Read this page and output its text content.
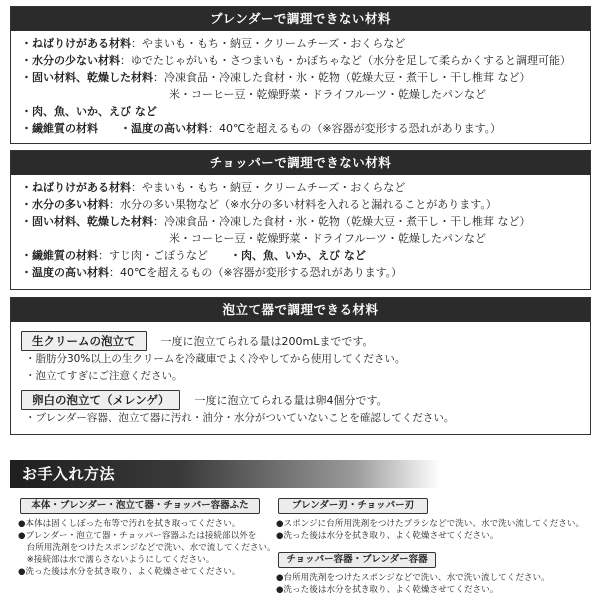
ブレンダーで調理できない材料
・ねばりけがある材料：やまいも・もち・納豆・クリームチーズ・おくらなど
・水分の少ない材料：ゆでたじゃがいも・さつまいも・かぼちゃなど（水分を足して柔らかくすると調理可能）
・固い材料、乾燥した材料：冷凍食品・冷凍した食材・氷・乾物（乾燥大豆・煮干し・干し椎茸 など）
米・コーヒー豆・乾燥野菜・ドライフルーツ・乾燥したパンなど
・肉、魚、いか、えび など
・繊維質の材料 ・温度の高い材料：40℃を超えるもの（※容器が変形する恐れがあります。）
チョッパーで調理できない材料
・ねばりけがある材料：やまいも・もち・納豆・クリームチーズ・おくらなど
・水分の多い材料：水分の多い果物など（※水分の多い材料を入れると漏れることがあります。）
・固い材料、乾燥した材料：冷凍食品・冷凍した食材・氷・乾物（乾燥大豆・煮干し・干し椎茸 など）
米・コーヒー豆・乾燥野菜・ドライフルーツ・乾燥したパンなど
・繊維質の材料：すじ肉・ごぼうなど ・肉、魚、いか、えび など
・温度の高い材料：40℃を超えるもの（※容器が変形する恐れがあります。）
泡立て器で調理できる材料
生クリームの泡立て	一度に泡立てられる量は200mLまでです。
・脂肪分30%以上の生クリームを冷蔵庫でよく冷やしてから使用してください。
・泡立てすぎにご注意ください。
卵白の泡立て（メレンゲ）	一度に泡立てられる量は卵4個分です。
・ブレンダー容器、泡立て器に汚れ・油分・水分がついていないことを確認してください。
お手入れ方法
本体・ブレンダー・泡立て器・チョッパー容器ふた	ブレンダー刃・チョッパー刃
チョッパー容器・ブレンダー容器
●本体は固くしぼった布等で汚れを拭き取ってください。
●ブレンダー・泡立て器・チョッパー容器ふたは接続部以外を
　台所用洗剤をつけたスポンジなどで洗い、水で流してください。
　※接続部は水で濡らさないようにしてください。
●洗った後は水分を拭き取り、よく乾燥させてください。
●スポンジに台所用洗剤をつけたブラシなどで洗い、水で洗い流してください。
●洗った後は水分を拭き取り、よく乾燥させてください。
●台所用洗剤をつけたスポンジなどで洗い、水で洗い流してください。
●洗った後は水分を拭き取り、よく乾燥させてください。
